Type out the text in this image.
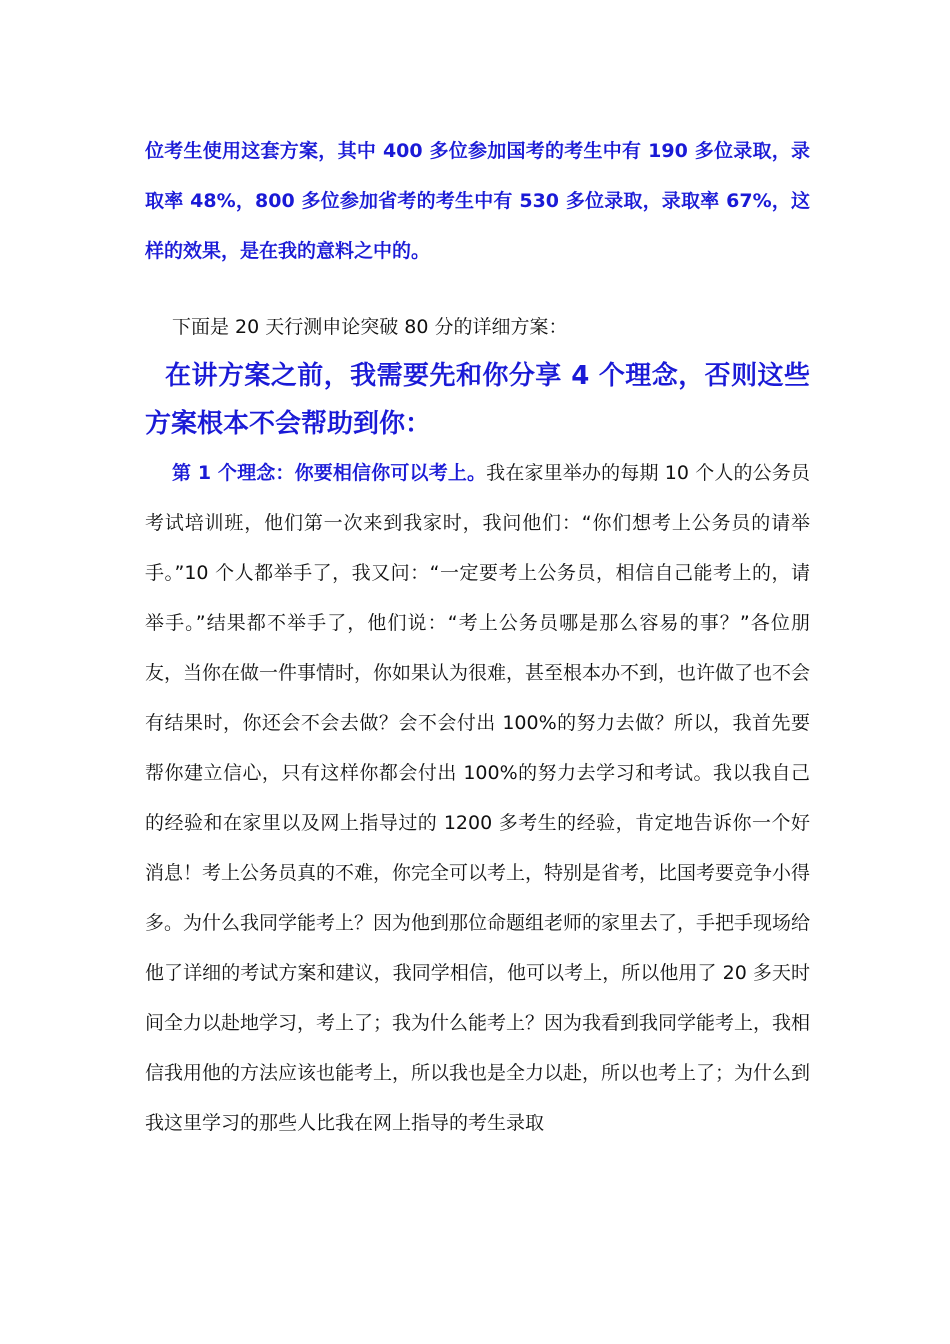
位考生使用这套方案，其中 400 多位参加国考的考生中有 190 多位录取，录取率 48%，800 多位参加省考的考生中有 530 多位录取，录取率 67%，这样的效果，是在我的意料之中的。

下面是 20 天行测申论突破 80 分的详细方案：

在讲方案之前，我需要先和你分享 4 个理念，否则这些方案根本不会帮助到你：

第 1 个理念：你要相信你可以考上。我在家里举办的每期 10 个人的公务员考试培训班，他们第一次来到我家时，我问他们：“你们想考上公务员的请举手。”10 个人都举手了，我又问：“一定要考上公务员，相信自己能考上的，请举手。”结果都不举手了，他们说：“考上公务员哪是那么容易的事？”各位朋友，当你在做一件事情时，你如果认为很难，甚至根本办不到，也许做了也不会有结果时，你还会不会去做？会不会付出 100%的努力去做？所以，我首先要帮你建立信心，只有这样你都会付出 100%的努力去学习和考试。我以我自己的经验和在家里以及网上指导过的 1200 多考生的经验，肯定地告诉你一个好消息！考上公务员真的不难，你完全可以考上，特别是省考，比国考要竞争小得多。为什么我同学能考上？因为他到那位命题组老师的家里去了，手把手现场给他了详细的考试方案和建议，我同学相信，他可以考上，所以他用了 20 多天时间全力以赴地学习，考上了；我为什么能考上？因为我看到我同学能考上，我相信我用他的方法应该也能考上，所以我也是全力以赴，所以也考上了；为什么到我这里学习的那些人比我在网上指导的考生录取
